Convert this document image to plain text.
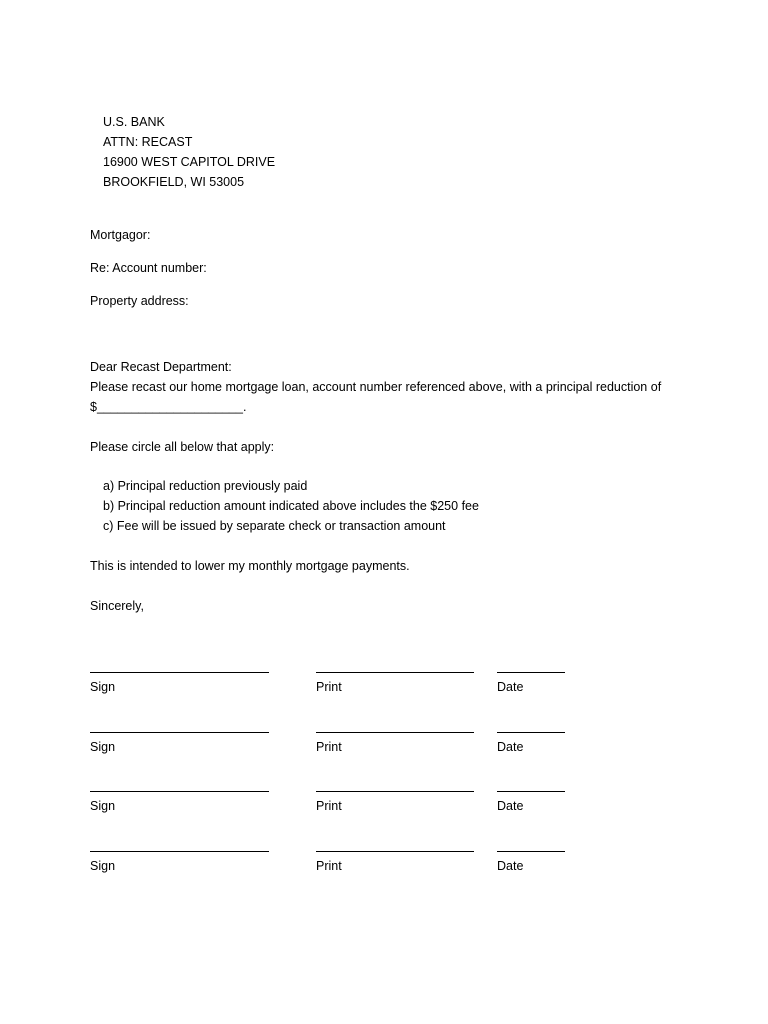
U.S. BANK
ATTN: RECAST
16900 WEST CAPITOL DRIVE
BROOKFIELD, WI 53005
Mortgagor:
Re: Account number:
Property address:
Dear Recast Department:
Please recast our home mortgage loan, account number referenced above, with a principal reduction of
$_____________________.
Please circle all below that apply:
a) Principal reduction previously paid
b) Principal reduction amount indicated above includes the $250 fee
c) Fee will be issued by separate check or transaction amount
This is intended to lower my monthly mortgage payments.
Sincerely,
Sign	Print	Date
Sign	Print	Date
Sign	Print	Date
Sign	Print	Date
